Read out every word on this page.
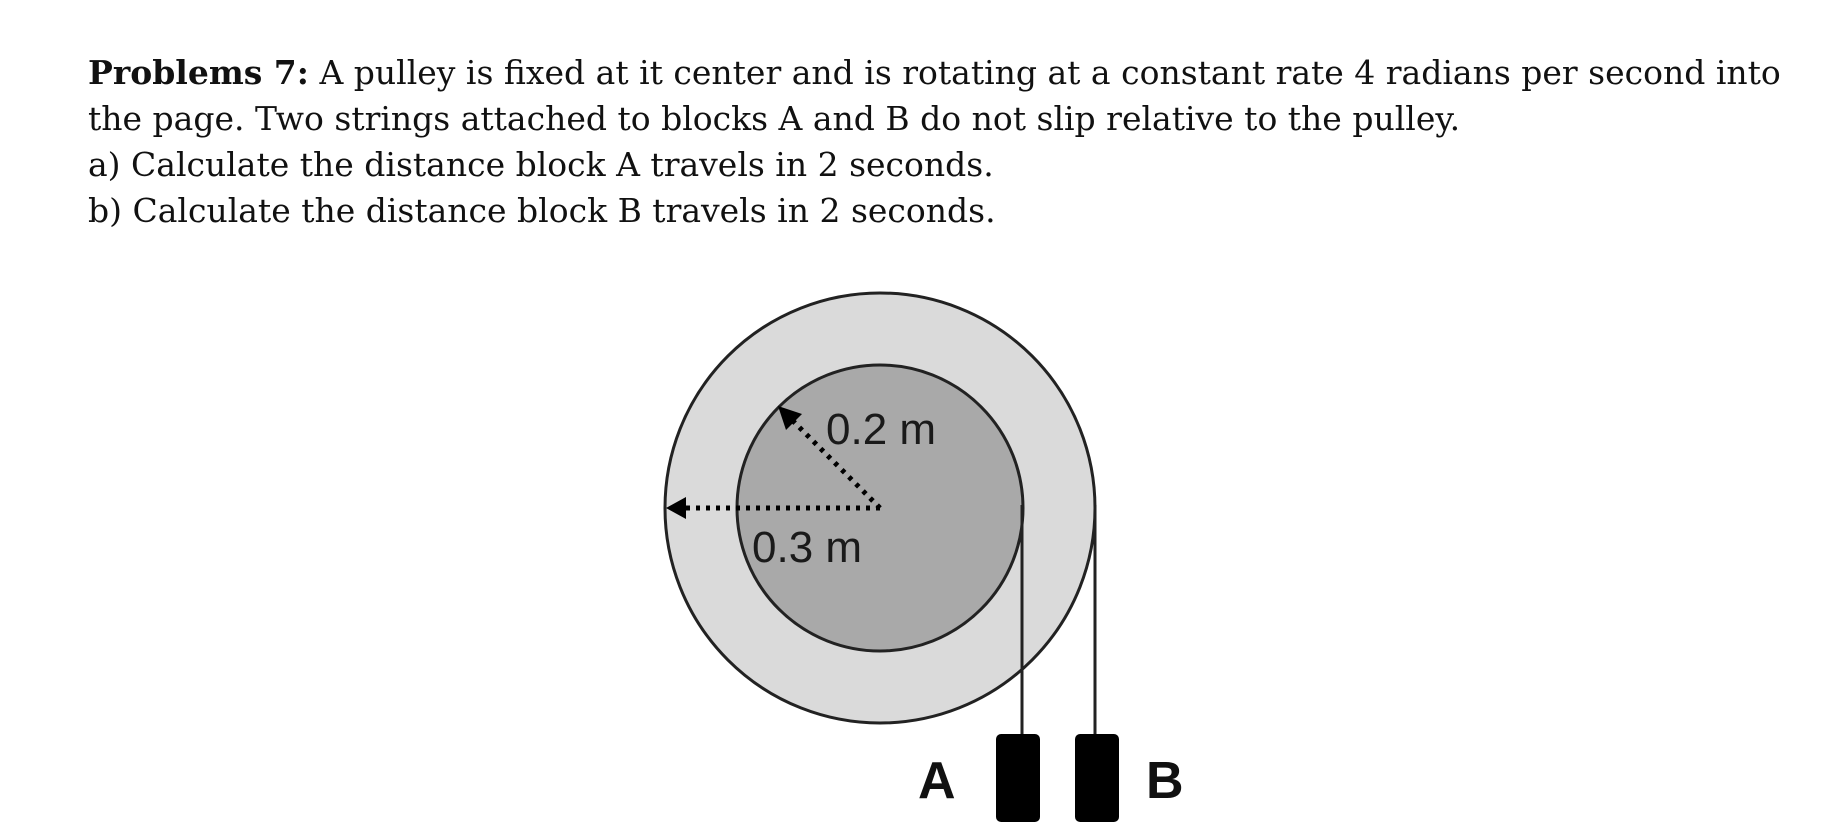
Problems 7: A pulley is fixed at it center and is rotating at a constant rate 4 radians per second into the page. Two strings attached to blocks A and B do not slip relative to the pulley.

a) Calculate the distance block A travels in 2 seconds.

b) Calculate the distance block B travels in 2 seconds.

0.2 m
0.3 m
A	B
